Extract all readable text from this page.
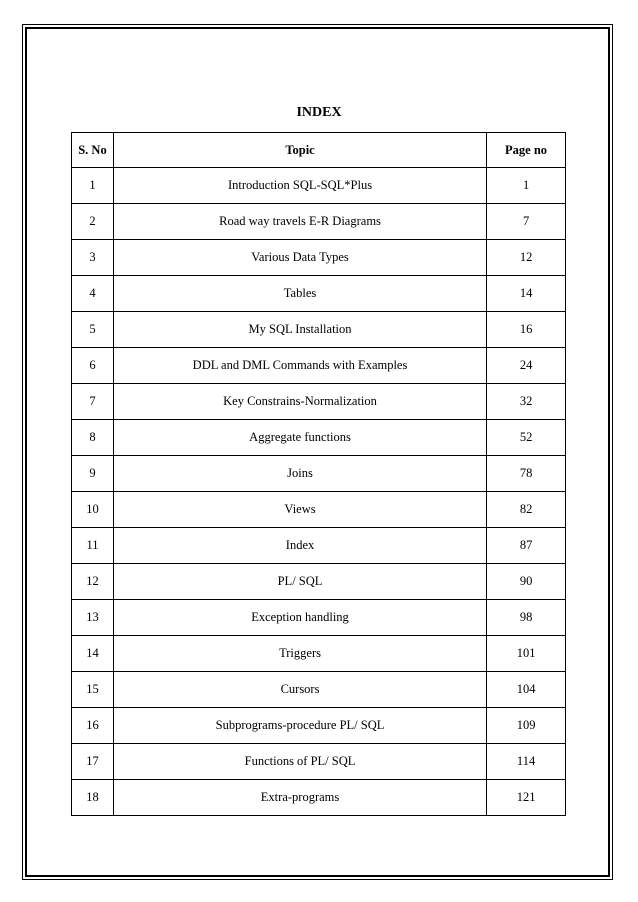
INDEX
S. No	Topic	Page no
1	Introduction SQL-SQL*Plus	1
2	Road way travels E-R Diagrams	7
3	Various Data Types	12
4	Tables	14
5	My SQL Installation	16
6	DDL and DML Commands with Examples	24
7	Key Constrains-Normalization	32
8	Aggregate functions	52
9	Joins	78
10	Views	82
11	Index	87
12	PL/ SQL	90
13	Exception handling	98
14	Triggers	101
15	Cursors	104
16	Subprograms-procedure PL/ SQL	109
17	Functions of PL/ SQL	114
18	Extra-programs	121
